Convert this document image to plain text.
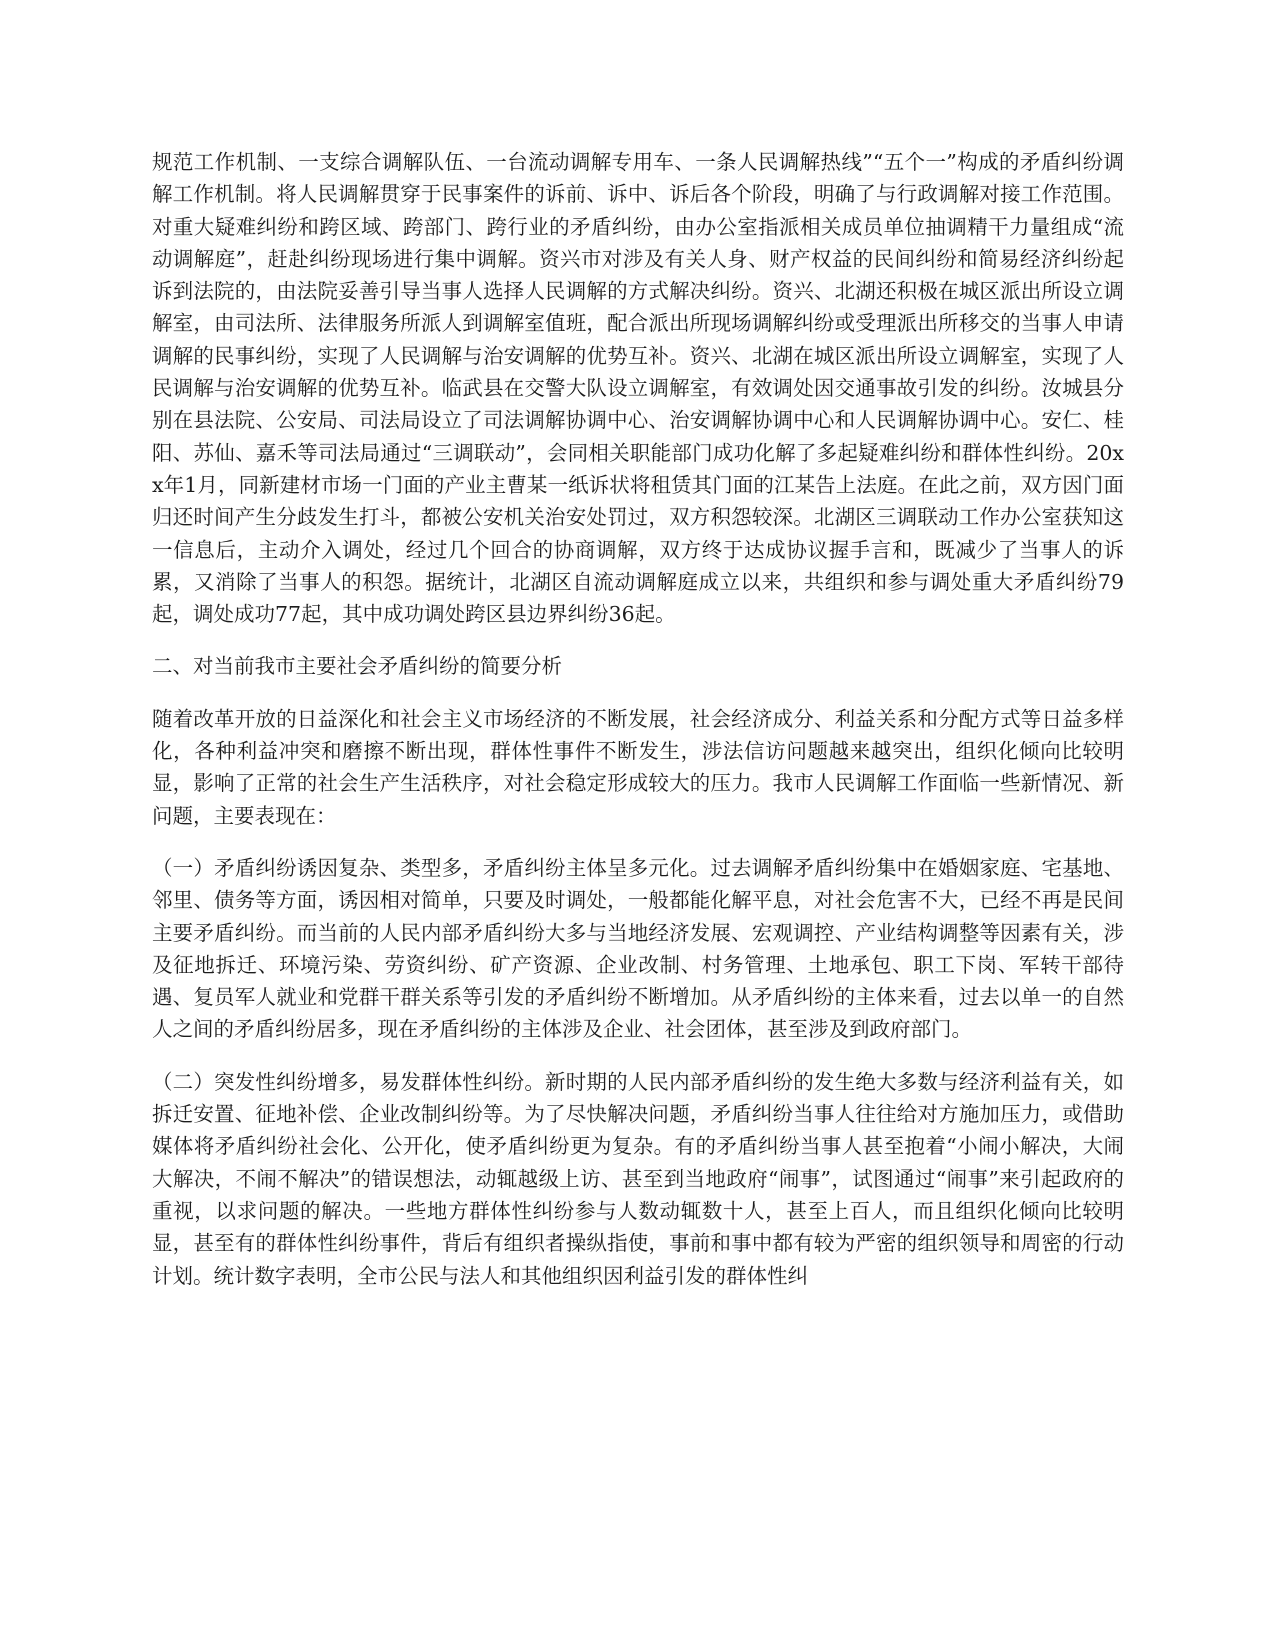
规范工作机制、一支综合调解队伍、一台流动调解专用车、一条人民调解热线”“五个一”构成的矛盾纠纷调解工作机制。将人民调解贯穿于民事案件的诉前、诉中、诉后各个阶段，明确了与行政调解对接工作范围。对重大疑难纠纷和跨区域、跨部门、跨行业的矛盾纠纷，由办公室指派相关成员单位抽调精干力量组成“流动调解庭”，赶赴纠纷现场进行集中调解。资兴市对涉及有关人身、财产权益的民间纠纷和简易经济纠纷起诉到法院的，由法院妥善引导当事人选择人民调解的方式解决纠纷。资兴、北湖还积极在城区派出所设立调解室，由司法所、法律服务所派人到调解室值班，配合派出所现场调解纠纷或受理派出所移交的当事人申请调解的民事纠纷，实现了人民调解与治安调解的优势互补。资兴、北湖在城区派出所设立调解室，实现了人民调解与治安调解的优势互补。临武县在交警大队设立调解室，有效调处因交通事故引发的纠纷。汝城县分别在县法院、公安局、司法局设立了司法调解协调中心、治安调解协调中心和人民调解协调中心。安仁、桂阳、苏仙、嘉禾等司法局通过“三调联动”，会同相关职能部门成功化解了多起疑难纠纷和群体性纠纷。20xx年1月，同新建材市场一门面的产业主曹某一纸诉状将租赁其门面的江某告上法庭。在此之前，双方因门面归还时间产生分歧发生打斗，都被公安机关治安处罚过，双方积怨较深。北湖区三调联动工作办公室获知这一信息后，主动介入调处，经过几个回合的协商调解，双方终于达成协议握手言和，既减少了当事人的诉累，又消除了当事人的积怨。据统计，北湖区自流动调解庭成立以来，共组织和参与调处重大矛盾纠纷79起，调处成功77起，其中成功调处跨区县边界纠纷36起。

二、对当前我市主要社会矛盾纠纷的简要分析

随着改革开放的日益深化和社会主义市场经济的不断发展，社会经济成分、利益关系和分配方式等日益多样化，各种利益冲突和磨擦不断出现，群体性事件不断发生，涉法信访问题越来越突出，组织化倾向比较明显，影响了正常的社会生产生活秩序，对社会稳定形成较大的压力。我市人民调解工作面临一些新情况、新问题，主要表现在：

（一）矛盾纠纷诱因复杂、类型多，矛盾纠纷主体呈多元化。过去调解矛盾纠纷集中在婚姻家庭、宅基地、邻里、债务等方面，诱因相对简单，只要及时调处，一般都能化解平息，对社会危害不大，已经不再是民间主要矛盾纠纷。而当前的人民内部矛盾纠纷大多与当地经济发展、宏观调控、产业结构调整等因素有关，涉及征地拆迁、环境污染、劳资纠纷、矿产资源、企业改制、村务管理、土地承包、职工下岗、军转干部待遇、复员军人就业和党群干群关系等引发的矛盾纠纷不断增加。从矛盾纠纷的主体来看，过去以单一的自然人之间的矛盾纠纷居多，现在矛盾纠纷的主体涉及企业、社会团体，甚至涉及到政府部门。

（二）突发性纠纷增多，易发群体性纠纷。新时期的人民内部矛盾纠纷的发生绝大多数与经济利益有关，如拆迁安置、征地补偿、企业改制纠纷等。为了尽快解决问题，矛盾纠纷当事人往往给对方施加压力，或借助媒体将矛盾纠纷社会化、公开化，使矛盾纠纷更为复杂。有的矛盾纠纷当事人甚至抱着“小闹小解决，大闹大解决，不闹不解决”的错误想法，动辄越级上访、甚至到当地政府“闹事”，试图通过“闹事”来引起政府的重视，以求问题的解决。一些地方群体性纠纷参与人数动辄数十人，甚至上百人，而且组织化倾向比较明显，甚至有的群体性纠纷事件，背后有组织者操纵指使，事前和事中都有较为严密的组织领导和周密的行动计划。统计数字表明，全市公民与法人和其他组织因利益引发的群体性纠
